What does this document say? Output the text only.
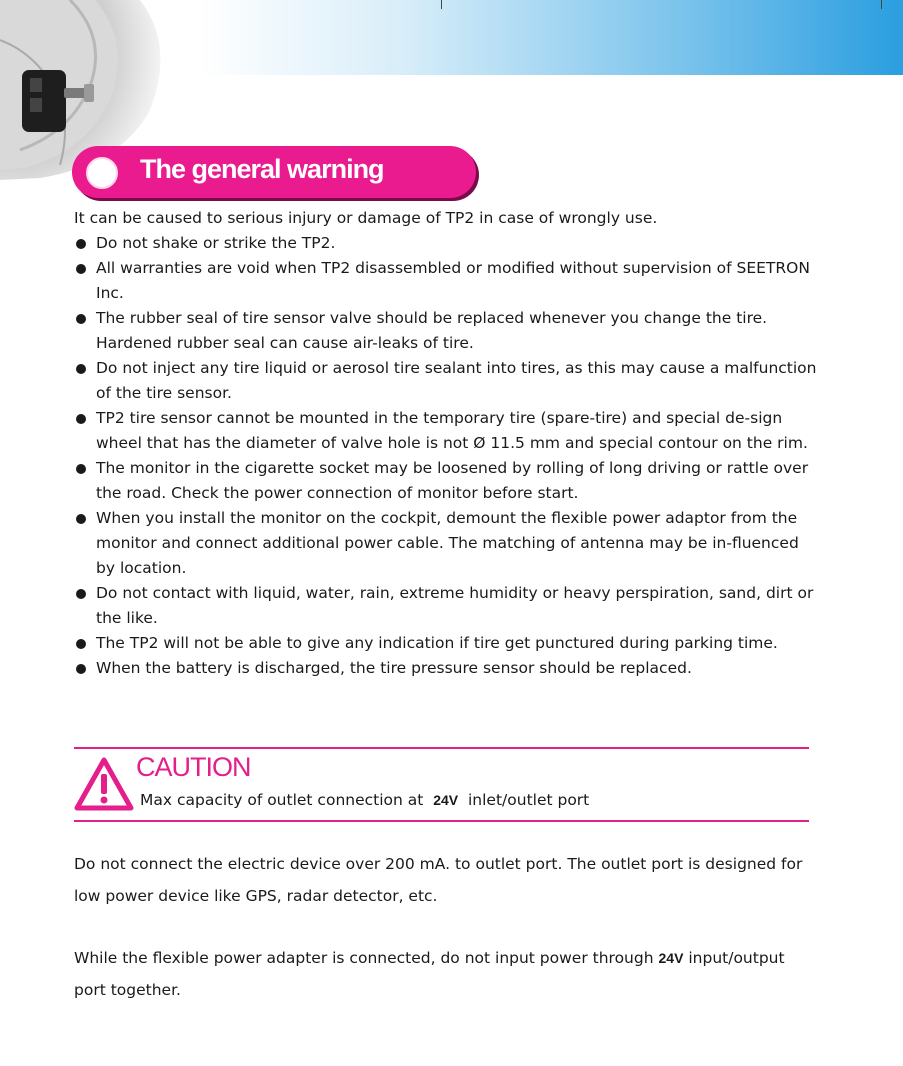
The general warning
It can be caused to serious injury or damage of TP2 in case of wrongly use.
Do not shake or strike the TP2.
All warranties are void when TP2 disassembled or modified without supervision of SEETRON Inc.
The rubber seal of tire sensor valve should be replaced whenever you change the tire. Hardened rubber seal can cause air-leaks of tire.
Do not inject any tire liquid or aerosol tire sealant into tires, as this may cause a malfunction of the tire sensor.
TP2 tire sensor cannot be mounted in the temporary tire (spare-tire) and special de-sign wheel that has the diameter of valve hole is not Ø 11.5 mm and special contour on the rim.
The monitor in the cigarette socket may be loosened by rolling of long driving or rattle over the road. Check the power connection of monitor before start.
When you install the monitor on the cockpit, demount the flexible power adaptor from the monitor and connect additional power cable. The matching of antenna may be in-fluenced by location.
Do not contact with liquid, water, rain, extreme humidity or heavy perspiration, sand, dirt or the like.
The TP2 will not be able to give any indication if tire get punctured during parking time.
When the battery is discharged, the tire pressure sensor should be replaced.
CAUTION
Max capacity of outlet connection at 24V inlet/outlet port
Do not connect the electric device over 200 mA. to outlet port. The outlet port is designed for low power device like GPS, radar detector, etc.
While the flexible power adapter is connected, do not input power through 24V input/output port together.
